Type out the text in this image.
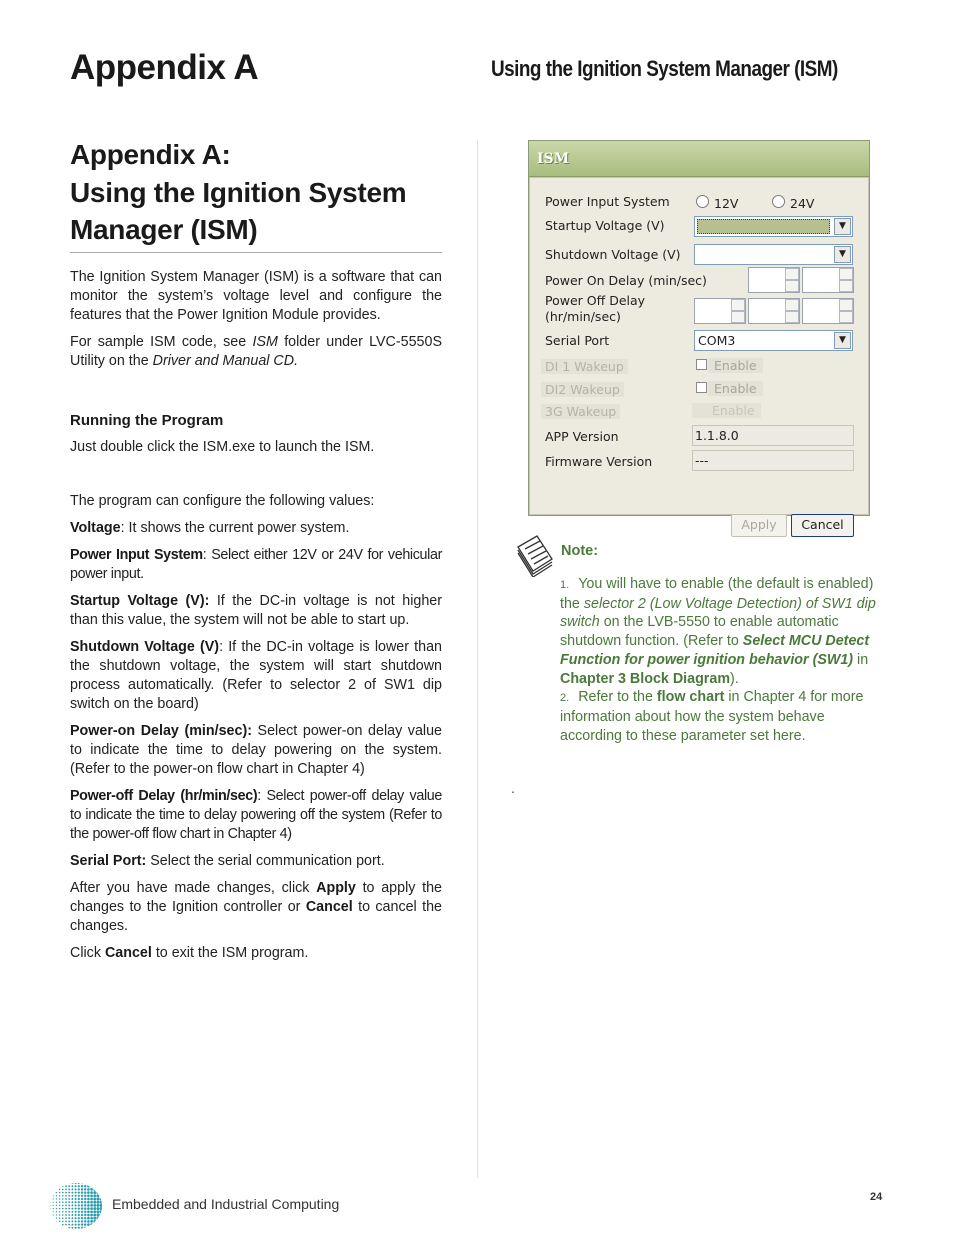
Appendix A	Using the Ignition System Manager (ISM)
Appendix A:
Using the Ignition System
Manager (ISM)

The Ignition System Manager (ISM) is a software that can monitor the system’s voltage level and configure the features that the Power Ignition Module provides.

For sample ISM code, see ISM folder under LVC-5550S Utility on the Driver and Manual CD.

Running the Program

Just double click the ISM.exe to launch the ISM.

The program can configure the following values:

Voltage: It shows the current power system.

Power Input System: Select either 12V or 24V for vehicular power input.

Startup Voltage (V): If the DC-in voltage is not higher than this value, the system will not be able to start up.

Shutdown Voltage (V): If the DC-in voltage is lower than the shutdown voltage, the system will start shutdown process automatically. (Refer to selector 2 of SW1 dip switch on the board)

Power-on Delay (min/sec): Select power-on delay value to indicate the time to delay powering on the system. (Refer to the power-on flow chart in Chapter 4)

Power-off Delay (hr/min/sec): Select power-off delay value to indicate the time to delay powering off the system (Refer to the power-off flow chart in Chapter 4)

Serial Port: Select the serial communication port.

After you have made changes, click Apply to apply the changes to the Ignition controller or Cancel to cancel the changes.

Click Cancel to exit the ISM program.

ISM
Power Input System	12V	24V
Startup Voltage (V)	▼
Shutdown Voltage (V)	▼
Power On Delay (min/sec)
Power Off Delay
(hr/min/sec)
Serial Port	COM3	▼
DI 1 Wakeup	Enable
DI2 Wakeup	Enable
3G Wakeup	Enable
APP Version	1.1.8.0
Firmware Version	---
Apply	Cancel
Note:
1. You will have to enable (the default is enabled) the selector 2 (Low Voltage Detection) of SW1 dip switch on the LVB-5550 to enable automatic shutdown function. (Refer to Select MCU Detect Function for power ignition behavior (SW1) in Chapter 3 Block Diagram).
2. Refer to the flow chart in Chapter 4 for more information about how the system behave according to these parameter set here.
.
Embedded and Industrial Computing	24
